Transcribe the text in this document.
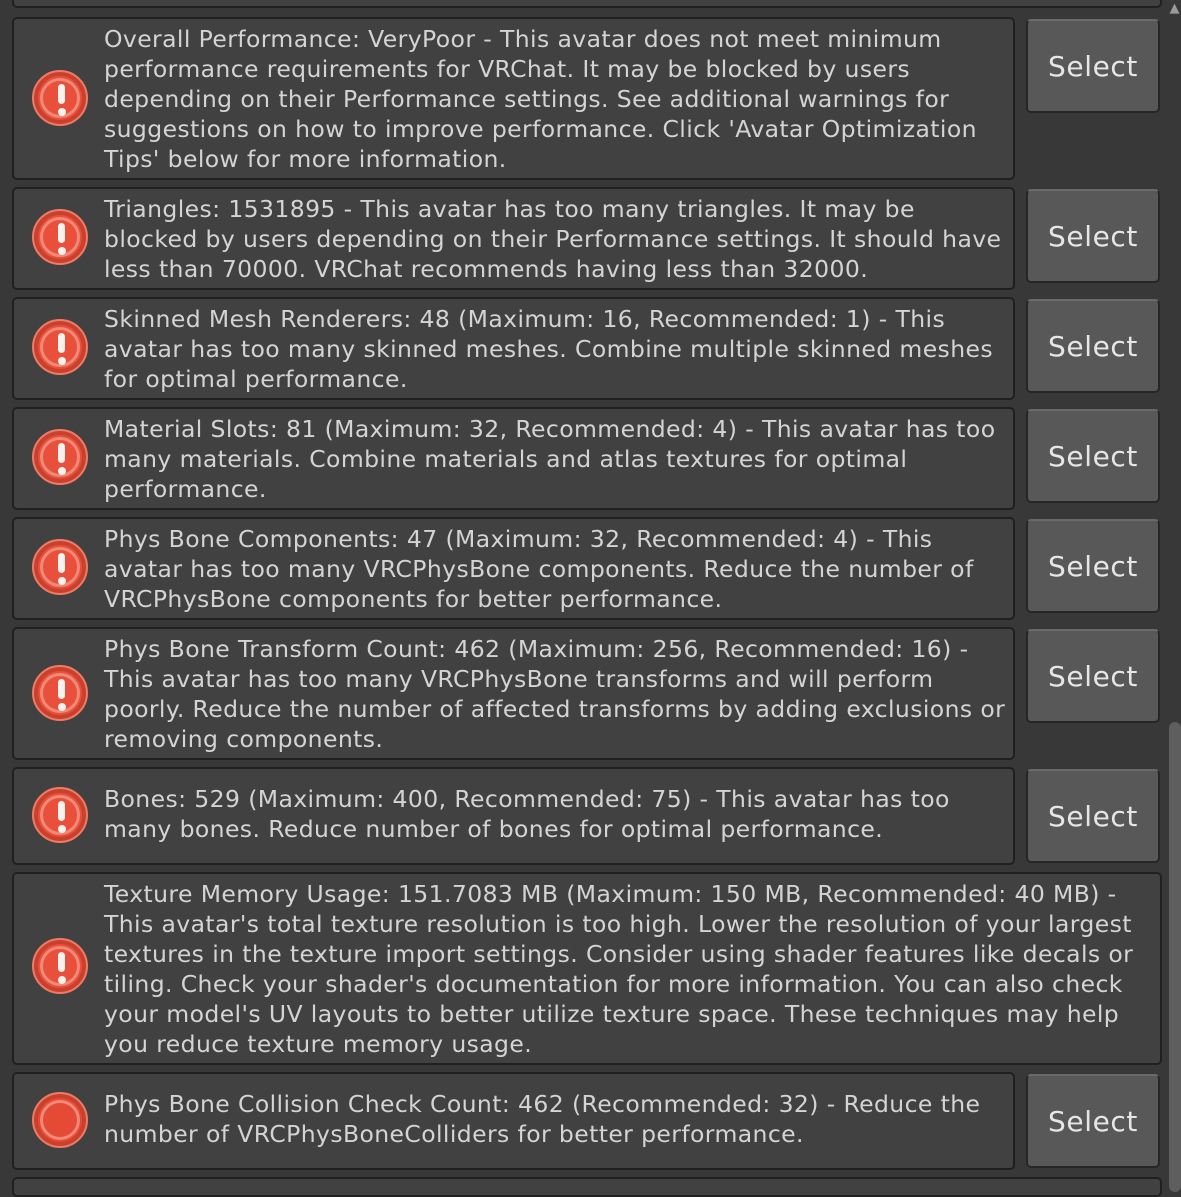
Overall Performance: VeryPoor - This avatar does not meet minimum performance requirements for VRChat. It may be blocked by users depending on their Performance settings. See additional warnings for suggestions on how to improve performance. Click 'Avatar Optimization Tips' below for more information.
Select
Triangles: 1531895 - This avatar has too many triangles. It may be blocked by users depending on their Performance settings. It should have less than 70000. VRChat recommends having less than 32000.
Select
Skinned Mesh Renderers: 48 (Maximum: 16, Recommended: 1) - This avatar has too many skinned meshes. Combine multiple skinned meshes for optimal performance.
Select
Material Slots: 81 (Maximum: 32, Recommended: 4) - This avatar has too many materials. Combine materials and atlas textures for optimal performance.
Select
Phys Bone Components: 47 (Maximum: 32, Recommended: 4) - This avatar has too many VRCPhysBone components. Reduce the number of VRCPhysBone components for better performance.
Select
Phys Bone Transform Count: 462 (Maximum: 256, Recommended: 16) - This avatar has too many VRCPhysBone transforms and will perform poorly. Reduce the number of affected transforms by adding exclusions or removing components.
Select
Bones: 529 (Maximum: 400, Recommended: 75) - This avatar has too many bones. Reduce number of bones for optimal performance.	Select
Texture Memory Usage: 151.7083 MB (Maximum: 150 MB, Recommended: 40 MB) - This avatar's total texture resolution is too high. Lower the resolution of your largest textures in the texture import settings. Consider using shader features like decals or tiling. Check your shader's documentation for more information. You can also check your model's UV layouts to better utilize texture space. These techniques may help you reduce texture memory usage.
Phys Bone Collision Check Count: 462 (Recommended: 32) - Reduce the number of VRCPhysBoneColliders for better performance.	Select
▲
